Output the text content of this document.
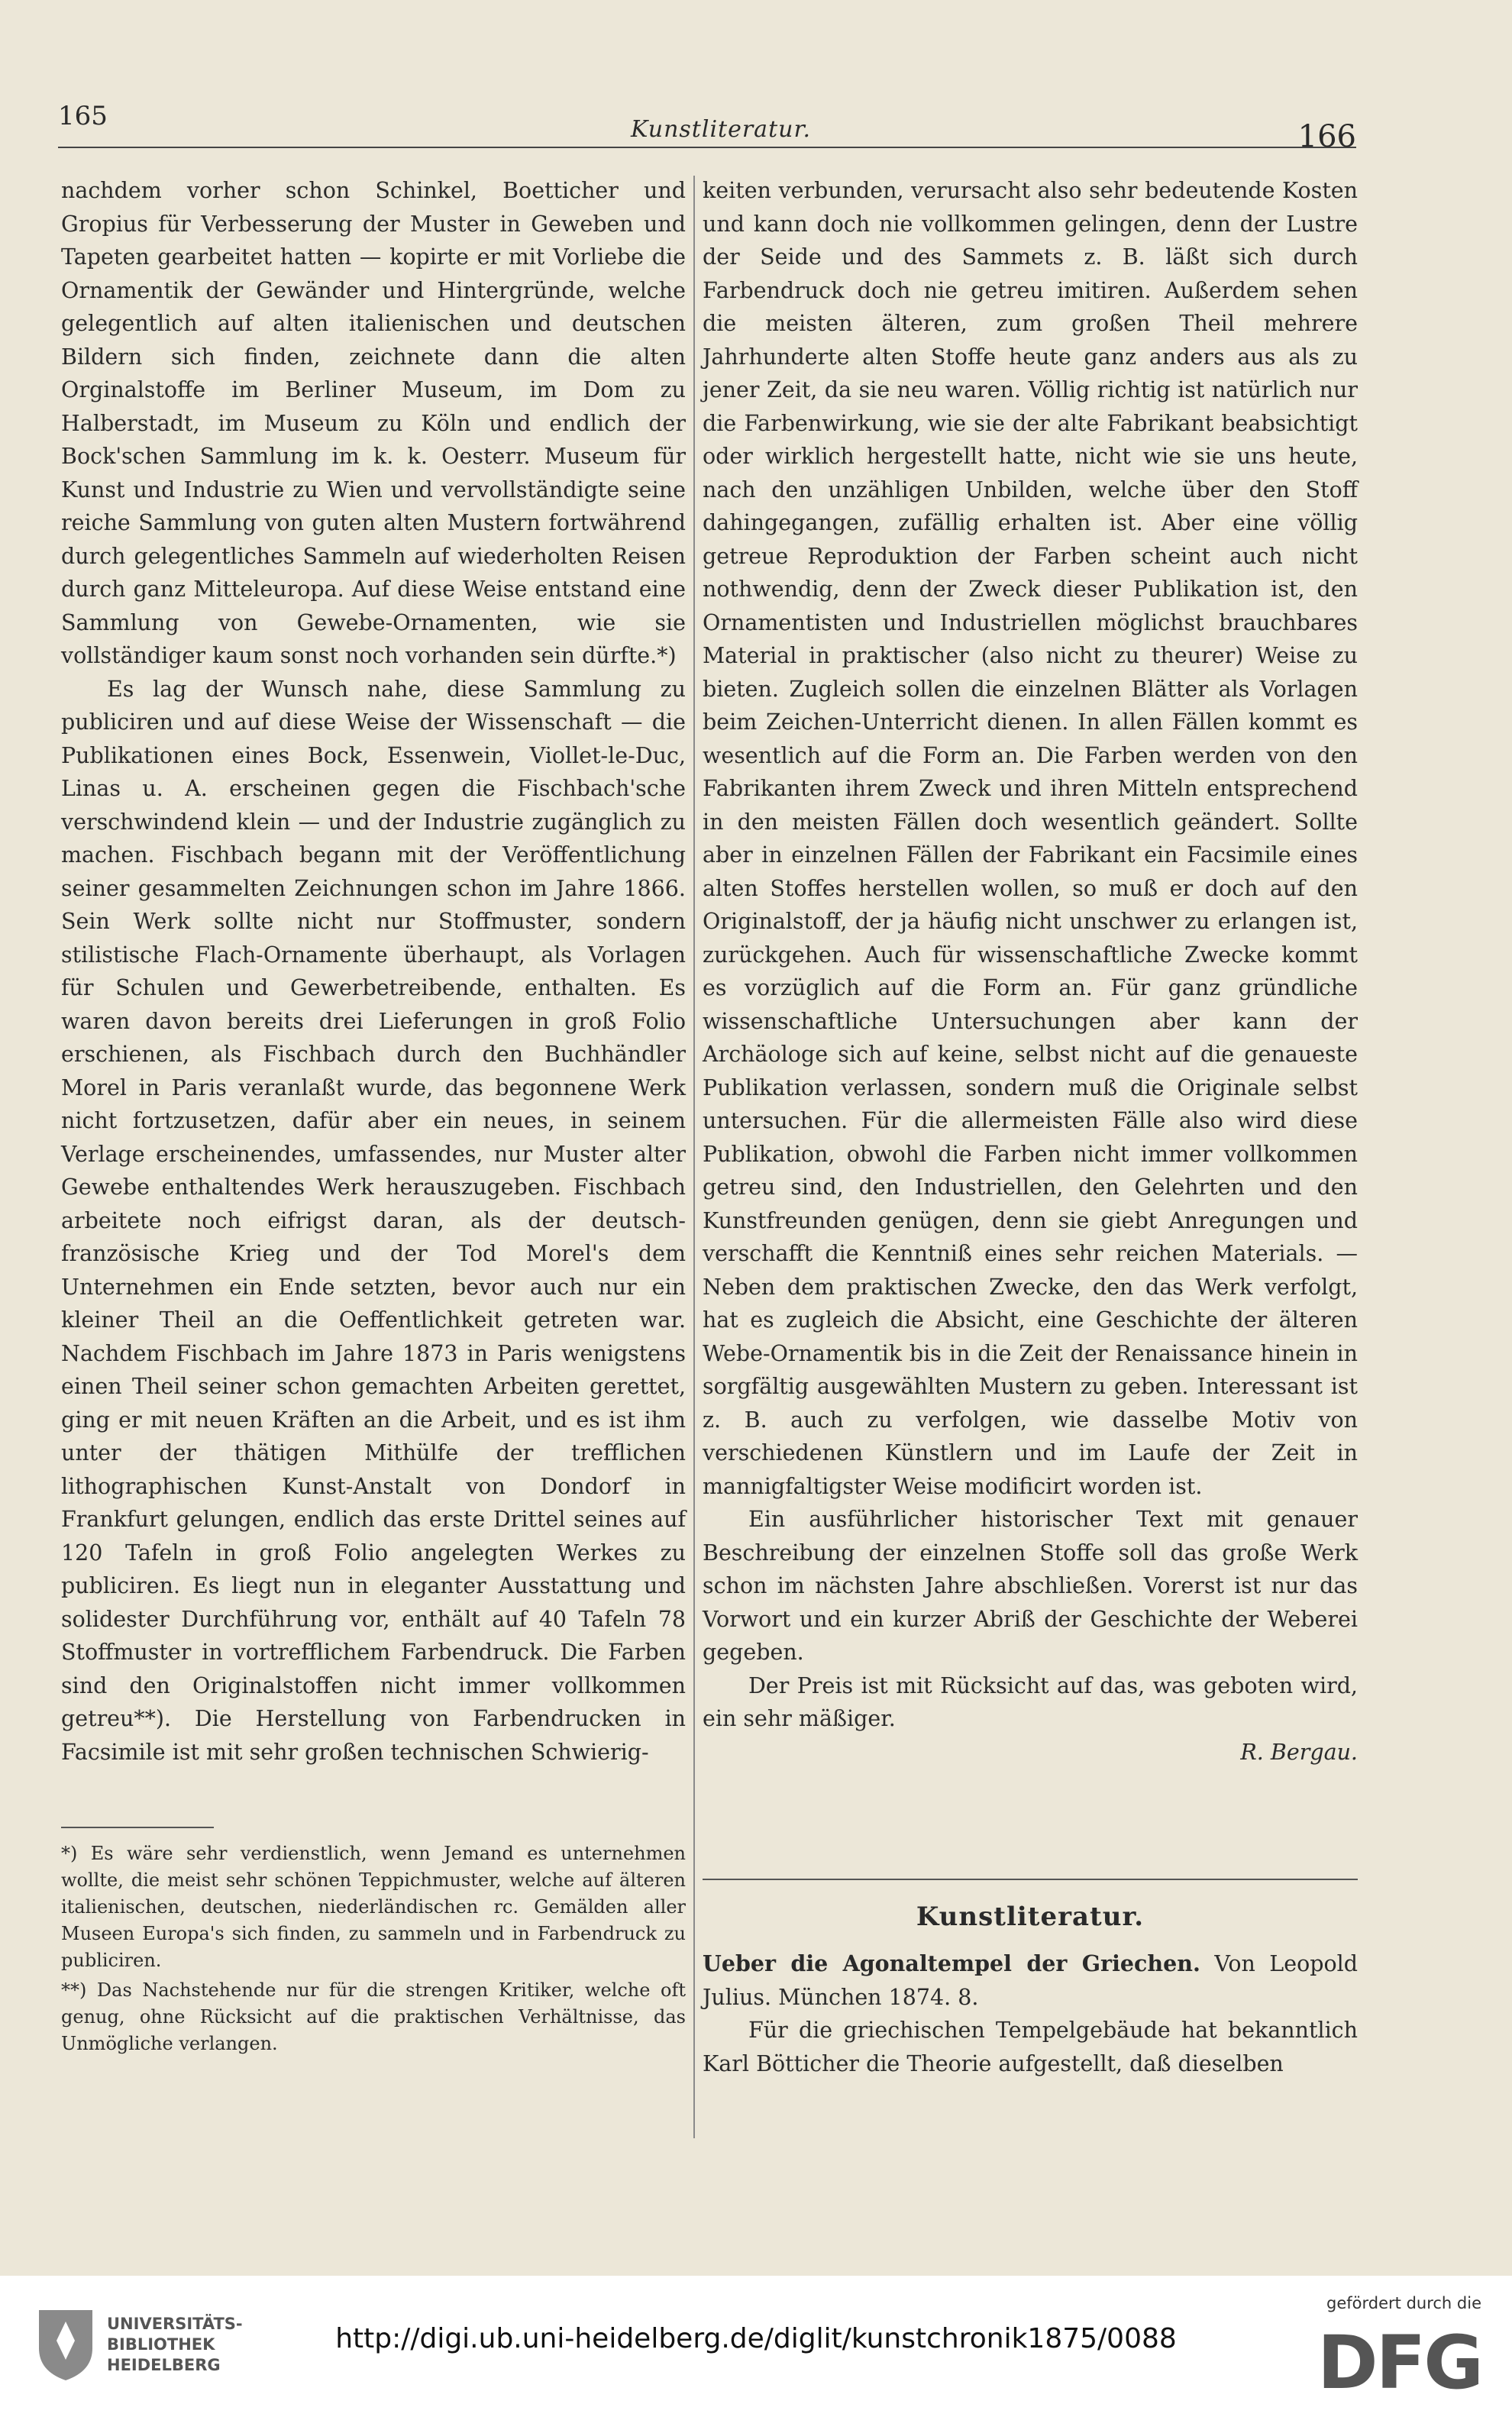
165	Kunstliteratur.	166

nachdem vorher schon Schinkel, Boetticher und Gropius für Verbesserung der Muster in Geweben und Tapeten gearbeitet hatten — kopirte er mit Vorliebe die Ornamentik der Gewänder und Hintergründe, welche gelegentlich auf alten italienischen und deutschen Bildern sich finden, zeichnete dann die alten Orginalstoffe im Berliner Museum, im Dom zu Halberstadt, im Museum zu Köln und endlich der Bock'schen Sammlung im k. k. Oesterr. Museum für Kunst und Industrie zu Wien und vervollständigte seine reiche Sammlung von guten alten Mustern fortwährend durch gelegentliches Sammeln auf wiederholten Reisen durch ganz Mitteleuropa. Auf diese Weise entstand eine Sammlung von Gewebe-Ornamenten, wie sie vollständiger kaum sonst noch vorhanden sein dürfte.*)

Es lag der Wunsch nahe, diese Sammlung zu publiciren und auf diese Weise der Wissenschaft — die Publikationen eines Bock, Essenwein, Viollet-le-Duc, Linas u. A. erscheinen gegen die Fischbach'sche verschwindend klein — und der Industrie zugänglich zu machen. Fischbach begann mit der Veröffentlichung seiner gesammelten Zeichnungen schon im Jahre 1866. Sein Werk sollte nicht nur Stoffmuster, sondern stilistische Flach-Ornamente überhaupt, als Vorlagen für Schulen und Gewerbetreibende, enthalten. Es waren davon bereits drei Lieferungen in groß Folio erschienen, als Fischbach durch den Buchhändler Morel in Paris veranlaßt wurde, das begonnene Werk nicht fortzusetzen, dafür aber ein neues, in seinem Verlage erscheinendes, umfassendes, nur Muster alter Gewebe enthaltendes Werk herauszugeben. Fischbach arbeitete noch eifrigst daran, als der deutsch-französische Krieg und der Tod Morel's dem Unternehmen ein Ende setzten, bevor auch nur ein kleiner Theil an die Oeffentlichkeit getreten war. Nachdem Fischbach im Jahre 1873 in Paris wenigstens einen Theil seiner schon gemachten Arbeiten gerettet, ging er mit neuen Kräften an die Arbeit, und es ist ihm unter der thätigen Mithülfe der trefflichen lithographischen Kunst-Anstalt von Dondorf in Frankfurt gelungen, endlich das erste Drittel seines auf 120 Tafeln in groß Folio angelegten Werkes zu publiciren. Es liegt nun in eleganter Ausstattung und solidester Durchführung vor, enthält auf 40 Tafeln 78 Stoffmuster in vortrefflichem Farbendruck. Die Farben sind den Originalstoffen nicht immer vollkommen getreu**). Die Herstellung von Farbendrucken in Facsimile ist mit sehr großen technischen Schwierig-

*) Es wäre sehr verdienstlich, wenn Jemand es unternehmen wollte, die meist sehr schönen Teppichmuster, welche auf älteren italienischen, deutschen, niederländischen rc. Gemälden aller Museen Europa's sich finden, zu sammeln und in Farbendruck zu publiciren.

**) Das Nachstehende nur für die strengen Kritiker, welche oft genug, ohne Rücksicht auf die praktischen Verhältnisse, das Unmögliche verlangen.

keiten verbunden, verursacht also sehr bedeutende Kosten und kann doch nie vollkommen gelingen, denn der Lustre der Seide und des Sammets z. B. läßt sich durch Farbendruck doch nie getreu imitiren. Außerdem sehen die meisten älteren, zum großen Theil mehrere Jahrhunderte alten Stoffe heute ganz anders aus als zu jener Zeit, da sie neu waren. Völlig richtig ist natürlich nur die Farbenwirkung, wie sie der alte Fabrikant beabsichtigt oder wirklich hergestellt hatte, nicht wie sie uns heute, nach den unzähligen Unbilden, welche über den Stoff dahingegangen, zufällig erhalten ist. Aber eine völlig getreue Reproduktion der Farben scheint auch nicht nothwendig, denn der Zweck dieser Publikation ist, den Ornamentisten und Industriellen möglichst brauchbares Material in praktischer (also nicht zu theurer) Weise zu bieten. Zugleich sollen die einzelnen Blätter als Vorlagen beim Zeichen-Unterricht dienen. In allen Fällen kommt es wesentlich auf die Form an. Die Farben werden von den Fabrikanten ihrem Zweck und ihren Mitteln entsprechend in den meisten Fällen doch wesentlich geändert. Sollte aber in einzelnen Fällen der Fabrikant ein Facsimile eines alten Stoffes herstellen wollen, so muß er doch auf den Originalstoff, der ja häufig nicht unschwer zu erlangen ist, zurückgehen. Auch für wissenschaftliche Zwecke kommt es vorzüglich auf die Form an. Für ganz gründliche wissenschaftliche Untersuchungen aber kann der Archäologe sich auf keine, selbst nicht auf die genaueste Publikation verlassen, sondern muß die Originale selbst untersuchen. Für die allermeisten Fälle also wird diese Publikation, obwohl die Farben nicht immer vollkommen getreu sind, den Industriellen, den Gelehrten und den Kunstfreunden genügen, denn sie giebt Anregungen und verschafft die Kenntniß eines sehr reichen Materials. — Neben dem praktischen Zwecke, den das Werk verfolgt, hat es zugleich die Absicht, eine Geschichte der älteren Webe-Ornamentik bis in die Zeit der Renaissance hinein in sorgfältig ausgewählten Mustern zu geben. Interessant ist z. B. auch zu verfolgen, wie dasselbe Motiv von verschiedenen Künstlern und im Laufe der Zeit in mannigfaltigster Weise modificirt worden ist.

Ein ausführlicher historischer Text mit genauer Beschreibung der einzelnen Stoffe soll das große Werk schon im nächsten Jahre abschließen. Vorerst ist nur das Vorwort und ein kurzer Abriß der Geschichte der Weberei gegeben.

Der Preis ist mit Rücksicht auf das, was geboten wird, ein sehr mäßiger.

R. Bergau.

Kunstliteratur.

Ueber die Agonaltempel der Griechen. Von Leopold Julius. München 1874. 8.

Für die griechischen Tempelgebäude hat bekanntlich Karl Bötticher die Theorie aufgestellt, daß dieselben

UNIVERSITÄTS-
BIBLIOTHEK
HEIDELBERG
http://digi.ub.uni-heidelberg.de/diglit/kunstchronik1875/0088
gefördert durch die
DFG
